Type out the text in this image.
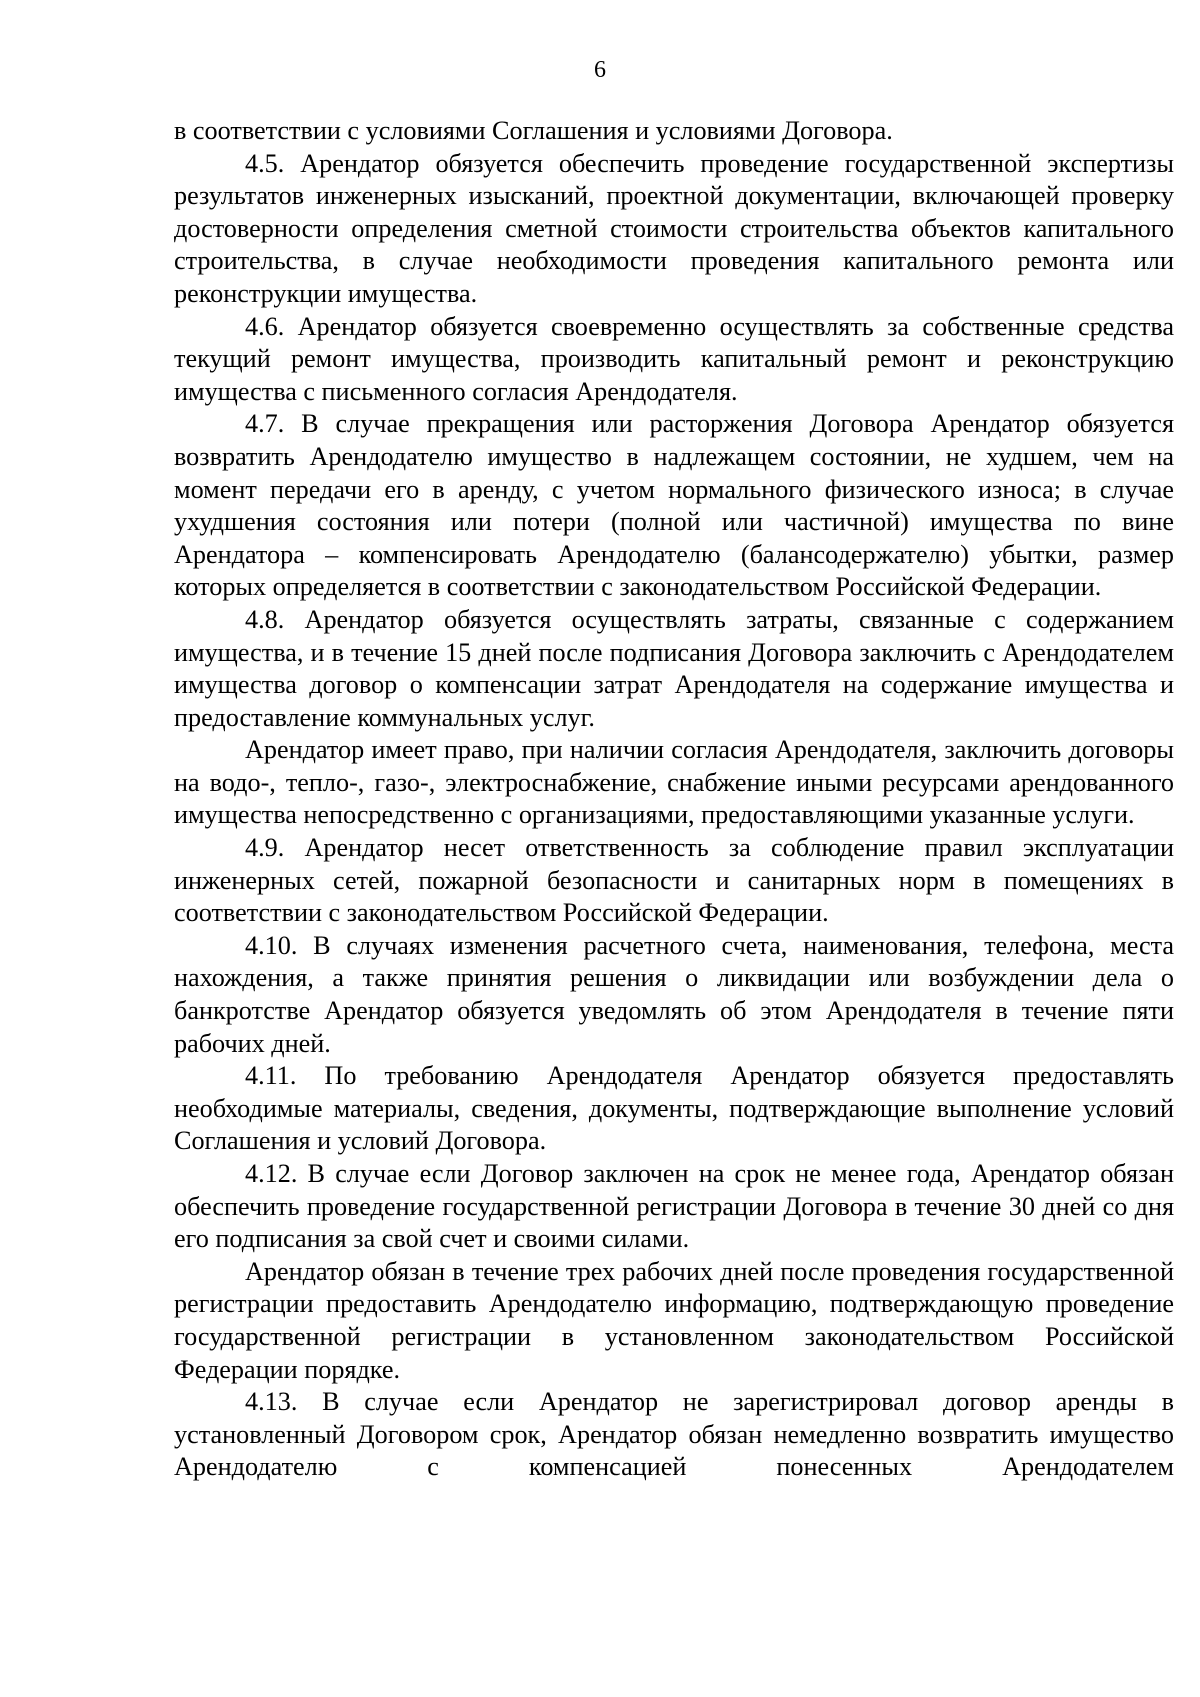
6

в соответствии с условиями Соглашения и условиями Договора.

4.5. Арендатор обязуется обеспечить проведение государственной экспертизы результатов инженерных изысканий, проектной документации, включающей проверку достоверности определения сметной стоимости строительства объектов капитального строительства, в случае необходимости проведения капитального ремонта или реконструкции имущества.

4.6. Арендатор обязуется своевременно осуществлять за собственные средства текущий ремонт имущества, производить капитальный ремонт и реконструкцию имущества с письменного согласия Арендодателя.

4.7. В случае прекращения или расторжения Договора Арендатор обязуется возвратить Арендодателю имущество в надлежащем состоянии, не худшем, чем на момент передачи его в аренду, с учетом нормального физического износа; в случае ухудшения состояния или потери (полной или частичной) имущества по вине Арендатора – компенсировать Арендодателю (балансодержателю) убытки, размер которых определяется в соответствии с законодательством Российской Федерации.

4.8. Арендатор обязуется осуществлять затраты, связанные с содержанием имущества, и в течение 15 дней после подписания Договора заключить с Арендодателем имущества договор о компенсации затрат Арендодателя на содержание имущества и предоставление коммунальных услуг.

Арендатор имеет право, при наличии согласия Арендодателя, заключить договоры на водо-, тепло-, газо-, электроснабжение, снабжение иными ресурсами арендованного имущества непосредственно с организациями, предоставляющими указанные услуги.

4.9. Арендатор несет ответственность за соблюдение правил эксплуатации инженерных сетей, пожарной безопасности и санитарных норм в помещениях в соответствии с законодательством Российской Федерации.

4.10. В случаях изменения расчетного счета, наименования, телефона, места нахождения, а также принятия решения о ликвидации или возбуждении дела о банкротстве Арендатор обязуется уведомлять об этом Арендодателя в течение пяти рабочих дней.

4.11. По требованию Арендодателя Арендатор обязуется предоставлять необходимые материалы, сведения, документы, подтверждающие выполнение условий Соглашения и условий Договора.

4.12. В случае если Договор заключен на срок не менее года, Арендатор обязан обеспечить проведение государственной регистрации Договора в течение 30 дней со дня его подписания за свой счет и своими силами.

Арендатор обязан в течение трех рабочих дней после проведения государственной регистрации предоставить Арендодателю информацию, подтверждающую проведение государственной регистрации в установленном законодательством Российской Федерации порядке.

4.13. В случае если Арендатор не зарегистрировал договор аренды в установленный Договором срок, Арендатор обязан немедленно возвратить имущество Арендодателю с компенсацией понесенных Арендодателем
